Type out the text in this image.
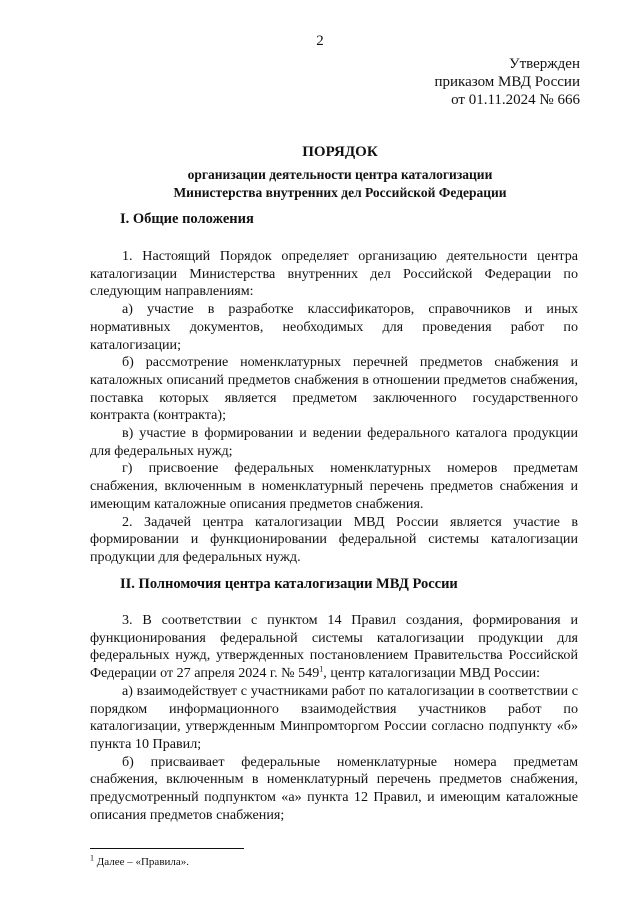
2
Утвержден
приказом МВД России
от 01.11.2024 № 666
ПОРЯДОК
организации деятельности центра каталогизации
Министерства внутренних дел Российской Федерации
I. Общие положения

1. Настоящий Порядок определяет организацию деятельности центра каталогизации Министерства внутренних дел Российской Федерации по следующим направлениям:

а) участие в разработке классификаторов, справочников и иных нормативных документов, необходимых для проведения работ по каталогизации;

б) рассмотрение номенклатурных перечней предметов снабжения и каталожных описаний предметов снабжения в отношении предметов снабжения, поставка которых является предметом заключенного государственного контракта (контракта);

в) участие в формировании и ведении федерального каталога продукции для федеральных нужд;

г) присвоение федеральных номенклатурных номеров предметам снабжения, включенным в номенклатурный перечень предметов снабжения и имеющим каталожные описания предметов снабжения.

2. Задачей центра каталогизации МВД России является участие в формировании и функционировании федеральной системы каталогизации продукции для федеральных нужд.

II. Полномочия центра каталогизации МВД России

3. В соответствии с пунктом 14 Правил создания, формирования и функционирования федеральной системы каталогизации продукции для федеральных нужд, утвержденных постановлением Правительства Российской Федерации от 27 апреля 2024 г. № $549^1$, центр каталогизации МВД России:

а) взаимодействует с участниками работ по каталогизации в соответствии с порядком информационного взаимодействия участников работ по каталогизации, утвержденным Минпромторгом России согласно подпункту «б» пункта 10 Правил;

б) присваивает федеральные номенклатурные номера предметам снабжения, включенным в номенклатурный перечень предметов снабжения, предусмотренный подпунктом «а» пункта 12 Правил, и имеющим каталожные описания предметов снабжения;

$^1$ Далее – «Правила».
